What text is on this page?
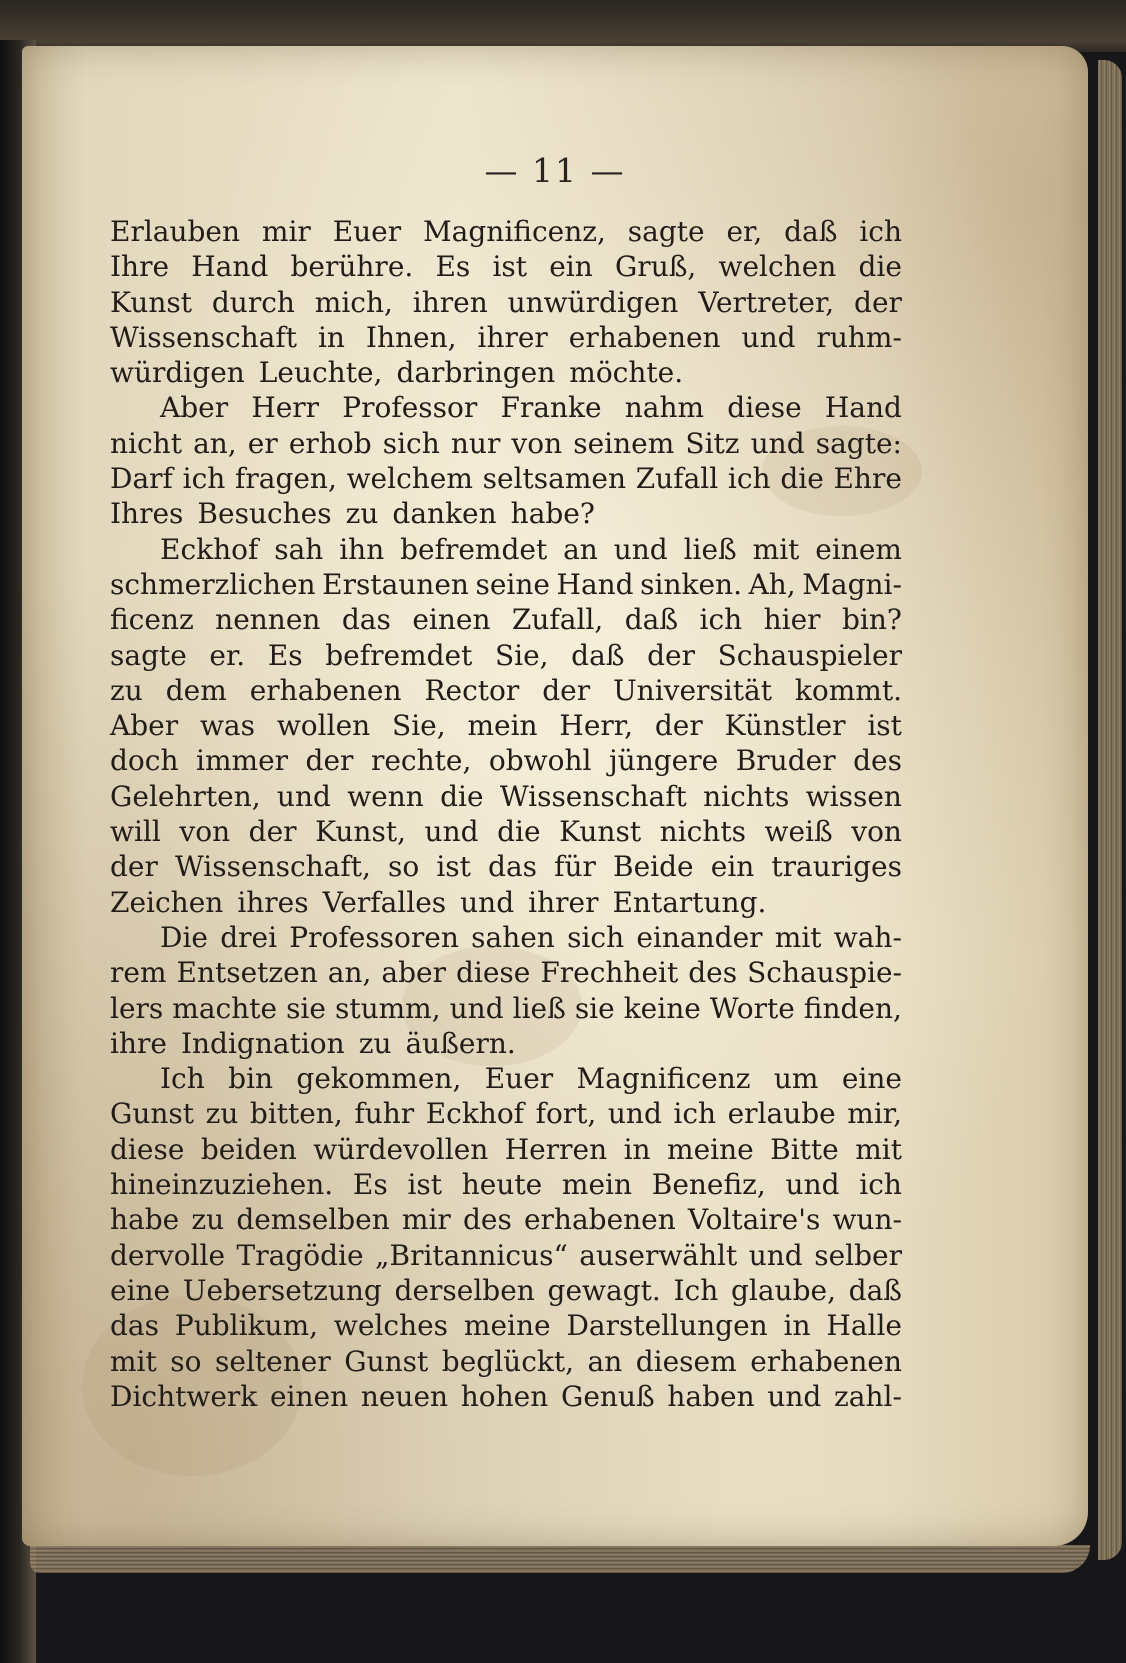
— 11 —
Erlauben mir Euer Magnificenz, sagte er, daß ich
Ihre Hand berühre. Es ist ein Gruß, welchen die
Kunst durch mich, ihren unwürdigen Vertreter, der
Wissenschaft in Ihnen, ihrer erhabenen und ruhm-
würdigen Leuchte, darbringen möchte.
Aber Herr Professor Franke nahm diese Hand
nicht an, er erhob sich nur von seinem Sitz und sagte:
Darf ich fragen, welchem seltsamen Zufall ich die Ehre
Ihres Besuches zu danken habe?
Eckhof sah ihn befremdet an und ließ mit einem
schmerzlichen Erstaunen seine Hand sinken. Ah, Magni-
ficenz nennen das einen Zufall, daß ich hier bin?
sagte er. Es befremdet Sie, daß der Schauspieler
zu dem erhabenen Rector der Universität kommt.
Aber was wollen Sie, mein Herr, der Künstler ist
doch immer der rechte, obwohl jüngere Bruder des
Gelehrten, und wenn die Wissenschaft nichts wissen
will von der Kunst, und die Kunst nichts weiß von
der Wissenschaft, so ist das für Beide ein trauriges
Zeichen ihres Verfalles und ihrer Entartung.
Die drei Professoren sahen sich einander mit wah-
rem Entsetzen an, aber diese Frechheit des Schauspie-
lers machte sie stumm, und ließ sie keine Worte finden,
ihre Indignation zu äußern.
Ich bin gekommen, Euer Magnificenz um eine
Gunst zu bitten, fuhr Eckhof fort, und ich erlaube mir,
diese beiden würdevollen Herren in meine Bitte mit
hineinzuziehen. Es ist heute mein Benefiz, und ich
habe zu demselben mir des erhabenen Voltaire's wun-
dervolle Tragödie „Britannicus“ auserwählt und selber
eine Uebersetzung derselben gewagt. Ich glaube, daß
das Publikum, welches meine Darstellungen in Halle
mit so seltener Gunst beglückt, an diesem erhabenen
Dichtwerk einen neuen hohen Genuß haben und zahl-
